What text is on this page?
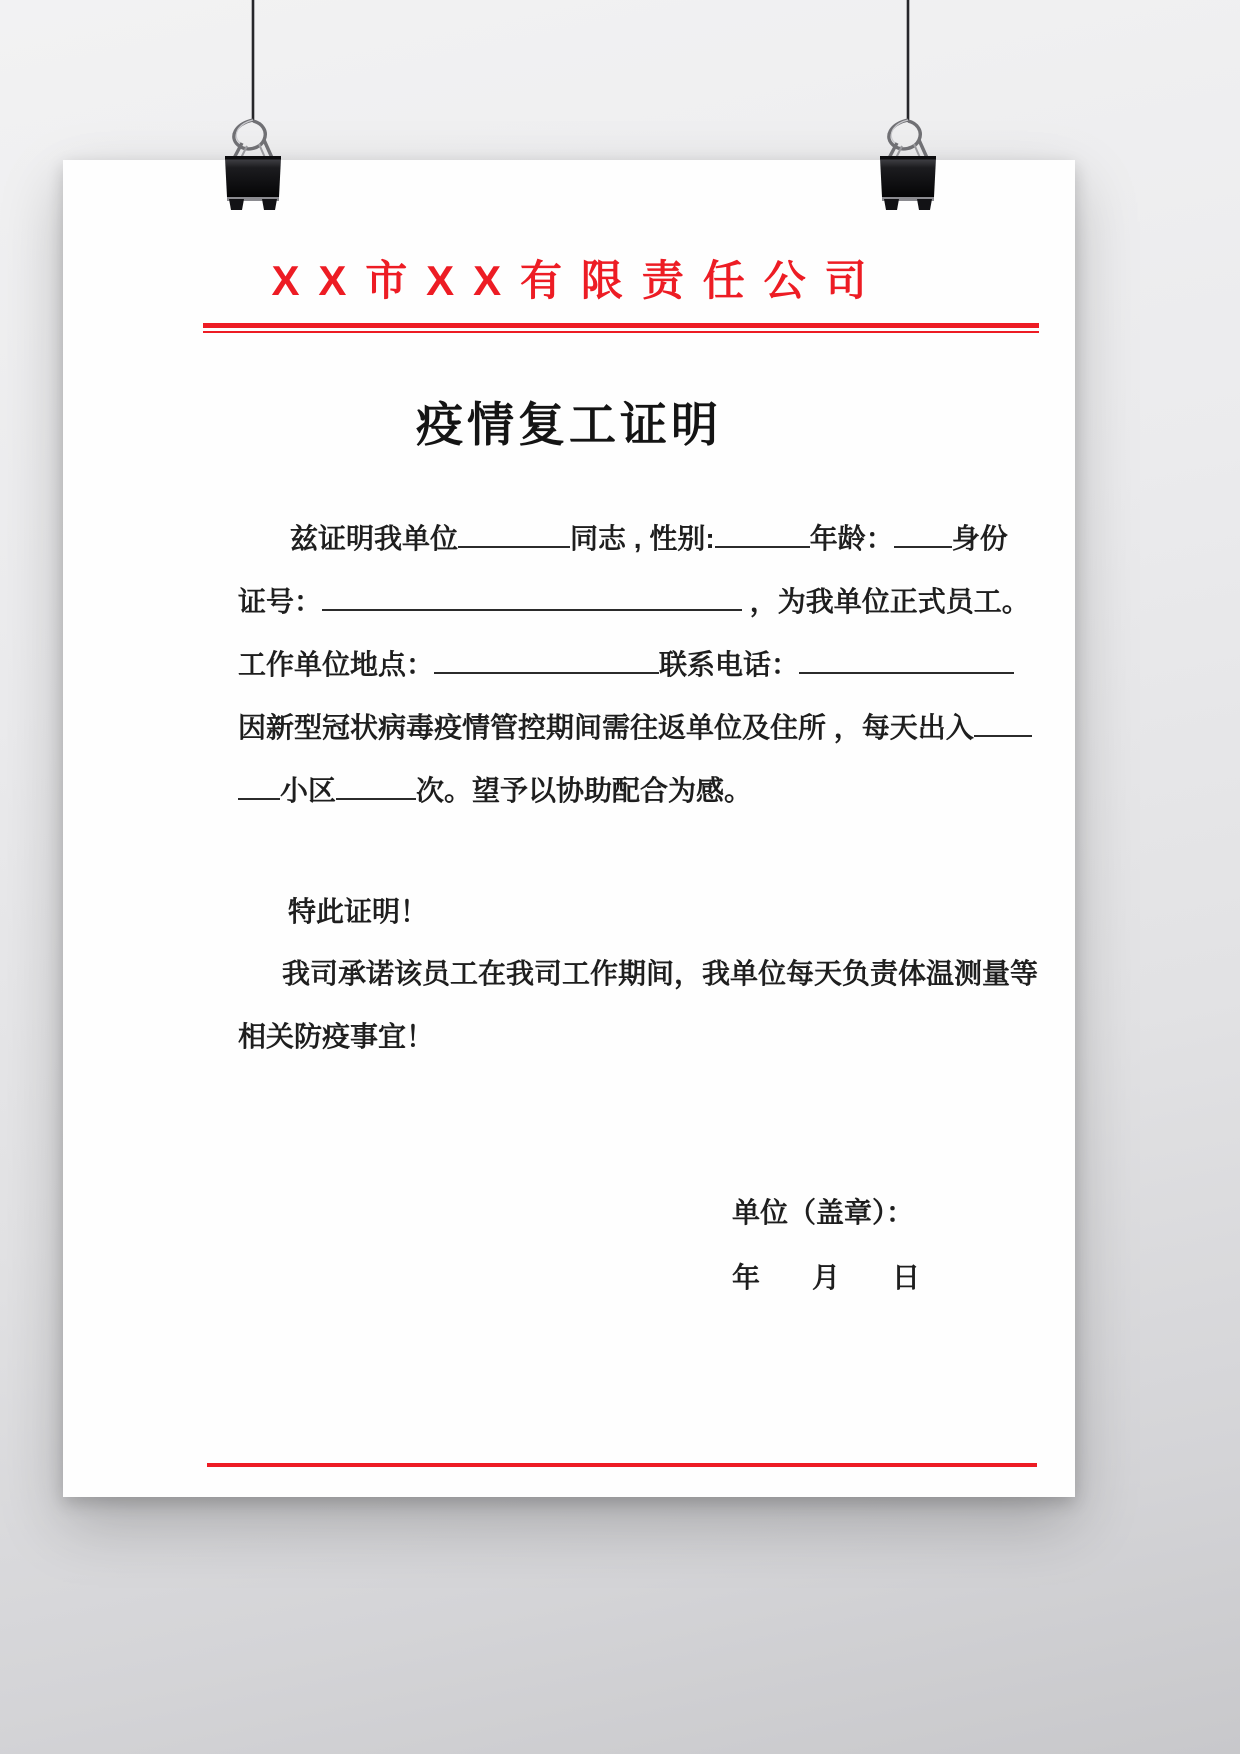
XX市XX有限责任公司
疫情复工证明
兹证明我单位	同志 , 性别:	年龄： 身份
证号：	，为我单位正式员工。
工作单位地点：	联系电话：
因新型冠状病毒疫情管控期间需往返单位及住所 ，每天出入
小区	次。望予以协助配合为感。
特此证明！
我司承诺该员工在我司工作期间，我单位每天负责体温测量等
相关防疫事宜！
单位（盖章）：
年 月 日
